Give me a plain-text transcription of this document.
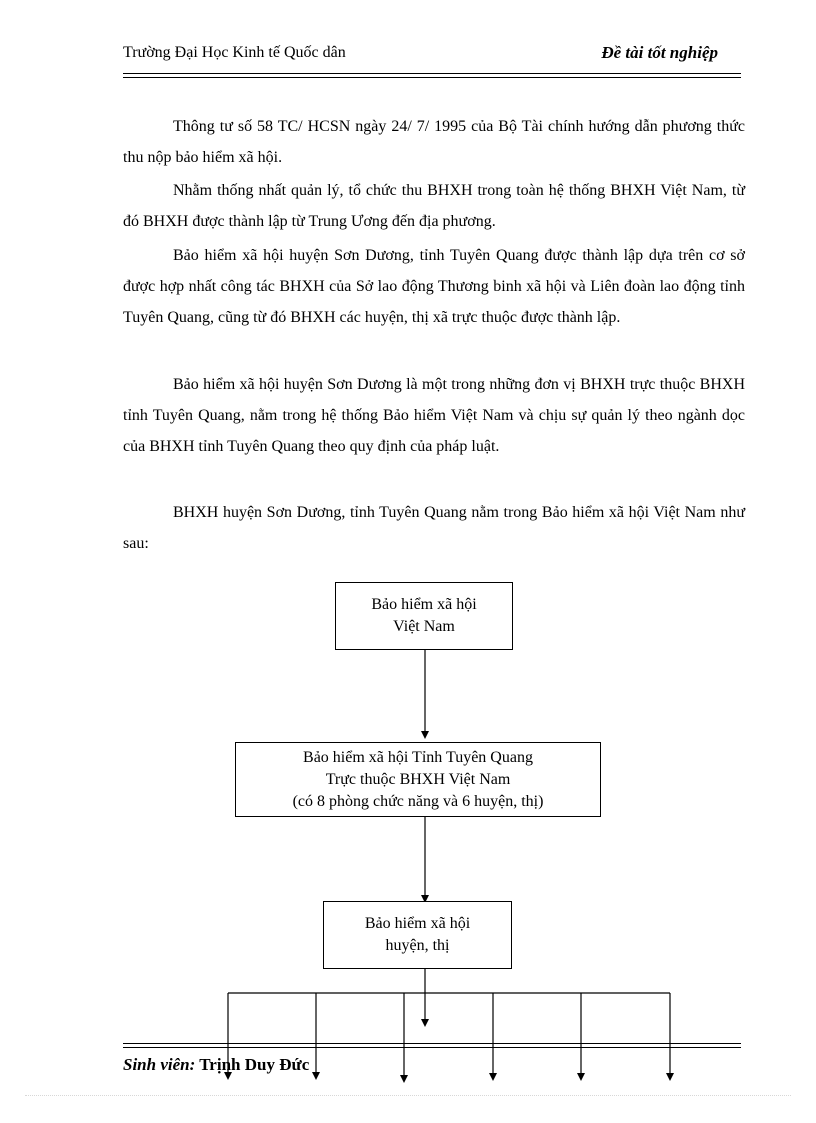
Trường Đại Học Kinh tế Quốc dân	Đề tài tốt nghiệp

Thông tư số 58 TC/ HCSN ngày 24/ 7/ 1995 của Bộ Tài chính hướng dẫn phương thức thu nộp bảo hiểm xã hội.

Nhằm thống nhất quản lý, tổ chức thu BHXH trong toàn hệ thống BHXH Việt Nam, từ đó BHXH được thành lập từ Trung Ương đến địa phương.

Bảo hiểm xã hội huyện Sơn Dương, tỉnh Tuyên Quang được thành lập dựa trên cơ sở được hợp nhất công tác BHXH của Sở lao động Thương binh xã hội và Liên đoàn lao động tỉnh Tuyên Quang, cũng từ đó BHXH các huyện, thị xã trực thuộc được thành lập.

Bảo hiểm xã hội huyện Sơn Dương là một trong những đơn vị BHXH trực thuộc BHXH tỉnh Tuyên Quang, nằm trong hệ thống Bảo hiểm Việt Nam và chịu sự quản lý theo ngành dọc của BHXH tỉnh Tuyên Quang theo quy định của pháp luật.

BHXH huyện Sơn Dương, tỉnh Tuyên Quang nằm trong Bảo hiểm xã hội Việt Nam như sau:

Bảo hiểm xã hội
Việt Nam
Bảo hiểm xã hội Tỉnh Tuyên Quang
Trực thuộc BHXH Việt Nam
(có 8 phòng chức năng và 6 huyện, thị)
Bảo hiểm xã hội
huyện, thị
Sinh viên: Trịnh Duy Đức
